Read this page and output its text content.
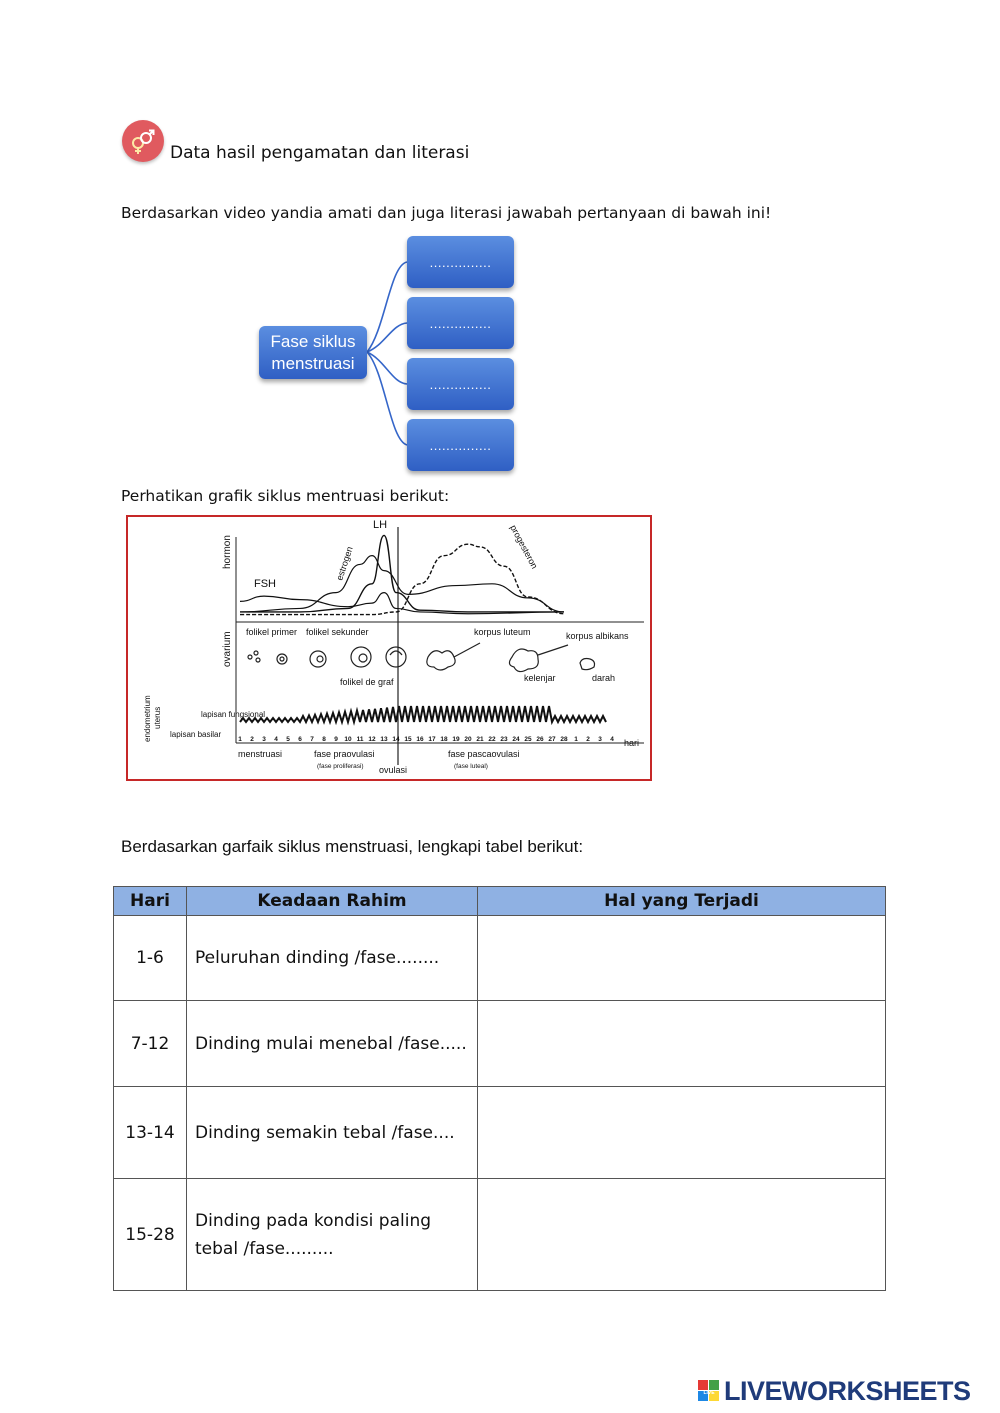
Data hasil pengamatan dan literasi
Berdasarkan video yandia amati dan juga literasi jawabah pertanyaan di bawah ini!
Fase siklus menstruasi
...............
...............
...............
...............
Perhatikan grafik siklus mentruasi berikut:
hormon
ovarium
endometrium uterus
LH
FSH
estrogen	progesteron
folikel primer folikel sekunder
folikel de graf
korpus luteum	korpus albikans
kelenjar	darah
lapisan fungsional
lapisan basilar
1 2 3 4 5 6 7 8 9 10 11 12 13 14 15 16 17 18 19 20 21 22 23 24 25 26 27 28 1 2 3 4 hari
menstruasi	fase praovulasi
(fase proliferasi) ovulasi
fase pascaovulasi
(fase luteal)
Berdasarkan garfaik siklus menstruasi, lengkapi tabel berikut:
Hari	Keadaan Rahim	Hal yang Terjadi
1-6	Peluruhan dinding /fase........	
7-12	Dinding mulai menebal /fase.....	
13-14	Dinding semakin tebal /fase....	
15-28	Dinding pada kondisi paling tebal /fase.........	
LIVE LIVEWORKSHEETS
